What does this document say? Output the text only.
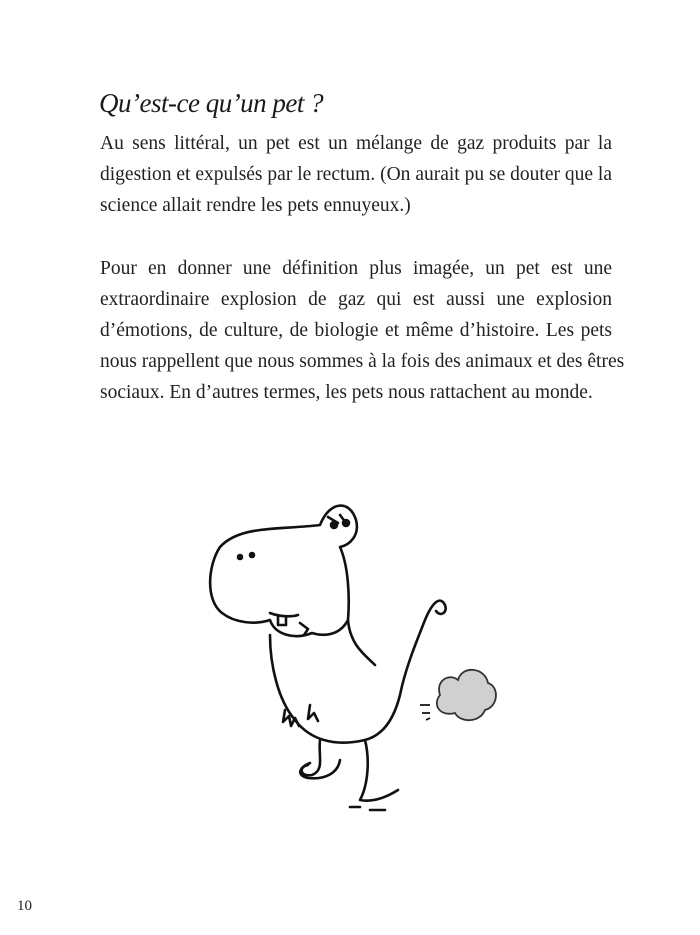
Qu’est-ce qu’un pet ?
Au sens littéral, un pet est un mélange de gaz produits par la
digestion et expulsés par le rectum. (On aurait pu se douter que la
science allait rendre les pets ennuyeux.)
Pour en donner une définition plus imagée, un pet est une
extraordinaire explosion de gaz qui est aussi une explosion
d’émotions, de culture, de biologie et même d’histoire. Les pets
nous rappellent que nous sommes à la fois des animaux et des êtres
sociaux. En d’autres termes, les pets nous rattachent au monde.
10
